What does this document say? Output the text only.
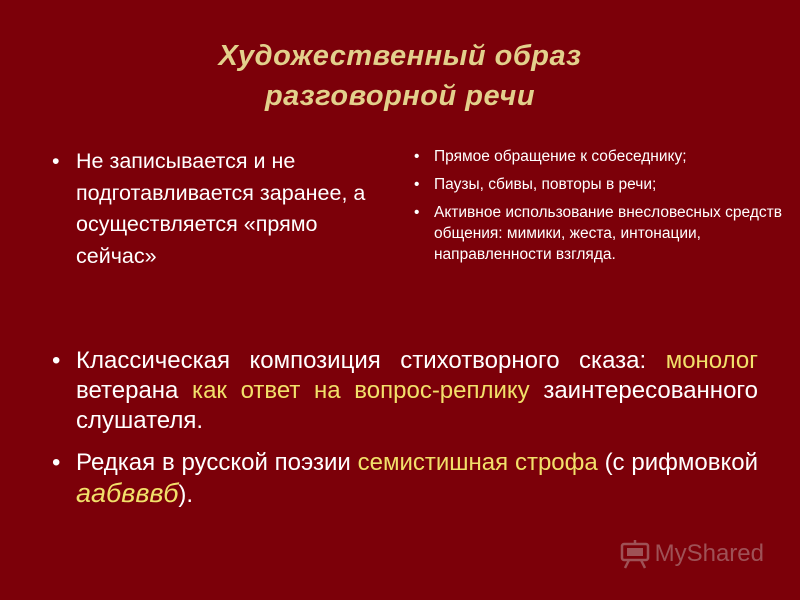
Художественный образ
разговорной речи
• Не записывается и не подготавливается заранее, а осуществляется «прямо сейчас»
• Прямое обращение к собеседнику;
• Паузы, сбивы, повторы в речи;
• Активное использование внесловесных средств общения: мимики, жеста, интонации, направленности взгляда.
• Классическая композиция стихотворного сказа: монолог ветерана как ответ на вопрос-реплику заинтересованного слушателя.
• Редкая в русской поэзии семистишная строфа (с рифмовкой аабвввб).
MyShared
